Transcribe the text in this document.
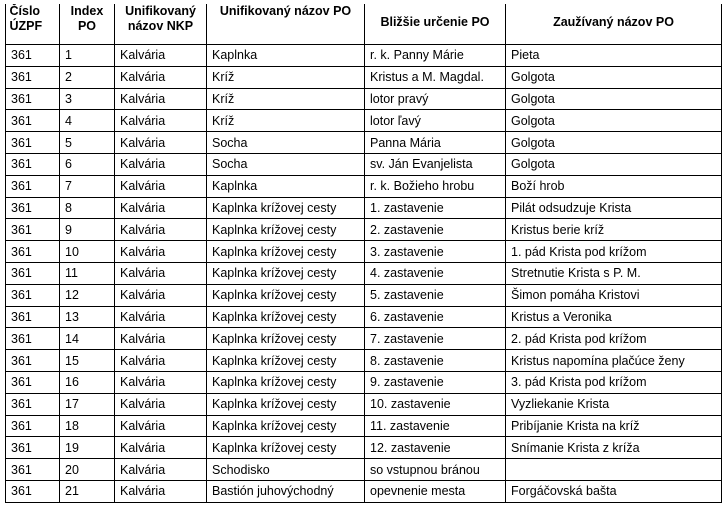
Číslo ÚZPF	Index PO	Unifikovaný názov NKP	Unifikovaný názov PO	Bližšie určenie PO	Zaužívaný názov PO
361	1	Kalvária	Kaplnka	r. k. Panny Márie	Pieta
361	2	Kalvária	Kríž	Kristus a M. Magdal.	Golgota
361	3	Kalvária	Kríž	lotor pravý	Golgota
361	4	Kalvária	Kríž	lotor ľavý	Golgota
361	5	Kalvária	Socha	Panna Mária	Golgota
361	6	Kalvária	Socha	sv. Ján Evanjelista	Golgota
361	7	Kalvária	Kaplnka	r. k. Božieho hrobu	Boží hrob
361	8	Kalvária	Kaplnka krížovej cesty	1. zastavenie	Pilát odsudzuje Krista
361	9	Kalvária	Kaplnka krížovej cesty	2. zastavenie	Kristus berie kríž
361	10	Kalvária	Kaplnka krížovej cesty	3. zastavenie	1. pád Krista pod krížom
361	11	Kalvária	Kaplnka krížovej cesty	4. zastavenie	Stretnutie Krista s P. M.
361	12	Kalvária	Kaplnka krížovej cesty	5. zastavenie	Šimon pomáha Kristovi
361	13	Kalvária	Kaplnka krížovej cesty	6. zastavenie	Kristus a Veronika
361	14	Kalvária	Kaplnka krížovej cesty	7. zastavenie	2. pád Krista pod krížom
361	15	Kalvária	Kaplnka krížovej cesty	8. zastavenie	Kristus napomína plačúce ženy
361	16	Kalvária	Kaplnka krížovej cesty	9. zastavenie	3. pád Krista pod krížom
361	17	Kalvária	Kaplnka krížovej cesty	10. zastavenie	Vyzliekanie Krista
361	18	Kalvária	Kaplnka krížovej cesty	11. zastavenie	Pribíjanie Krista na kríž
361	19	Kalvária	Kaplnka krížovej cesty	12. zastavenie	Snímanie Krista z kríža
361	20	Kalvária	Schodisko	so vstupnou bránou	
361	21	Kalvária	Bastión juhovýchodný	opevnenie mesta	Forgáčovská bašta
